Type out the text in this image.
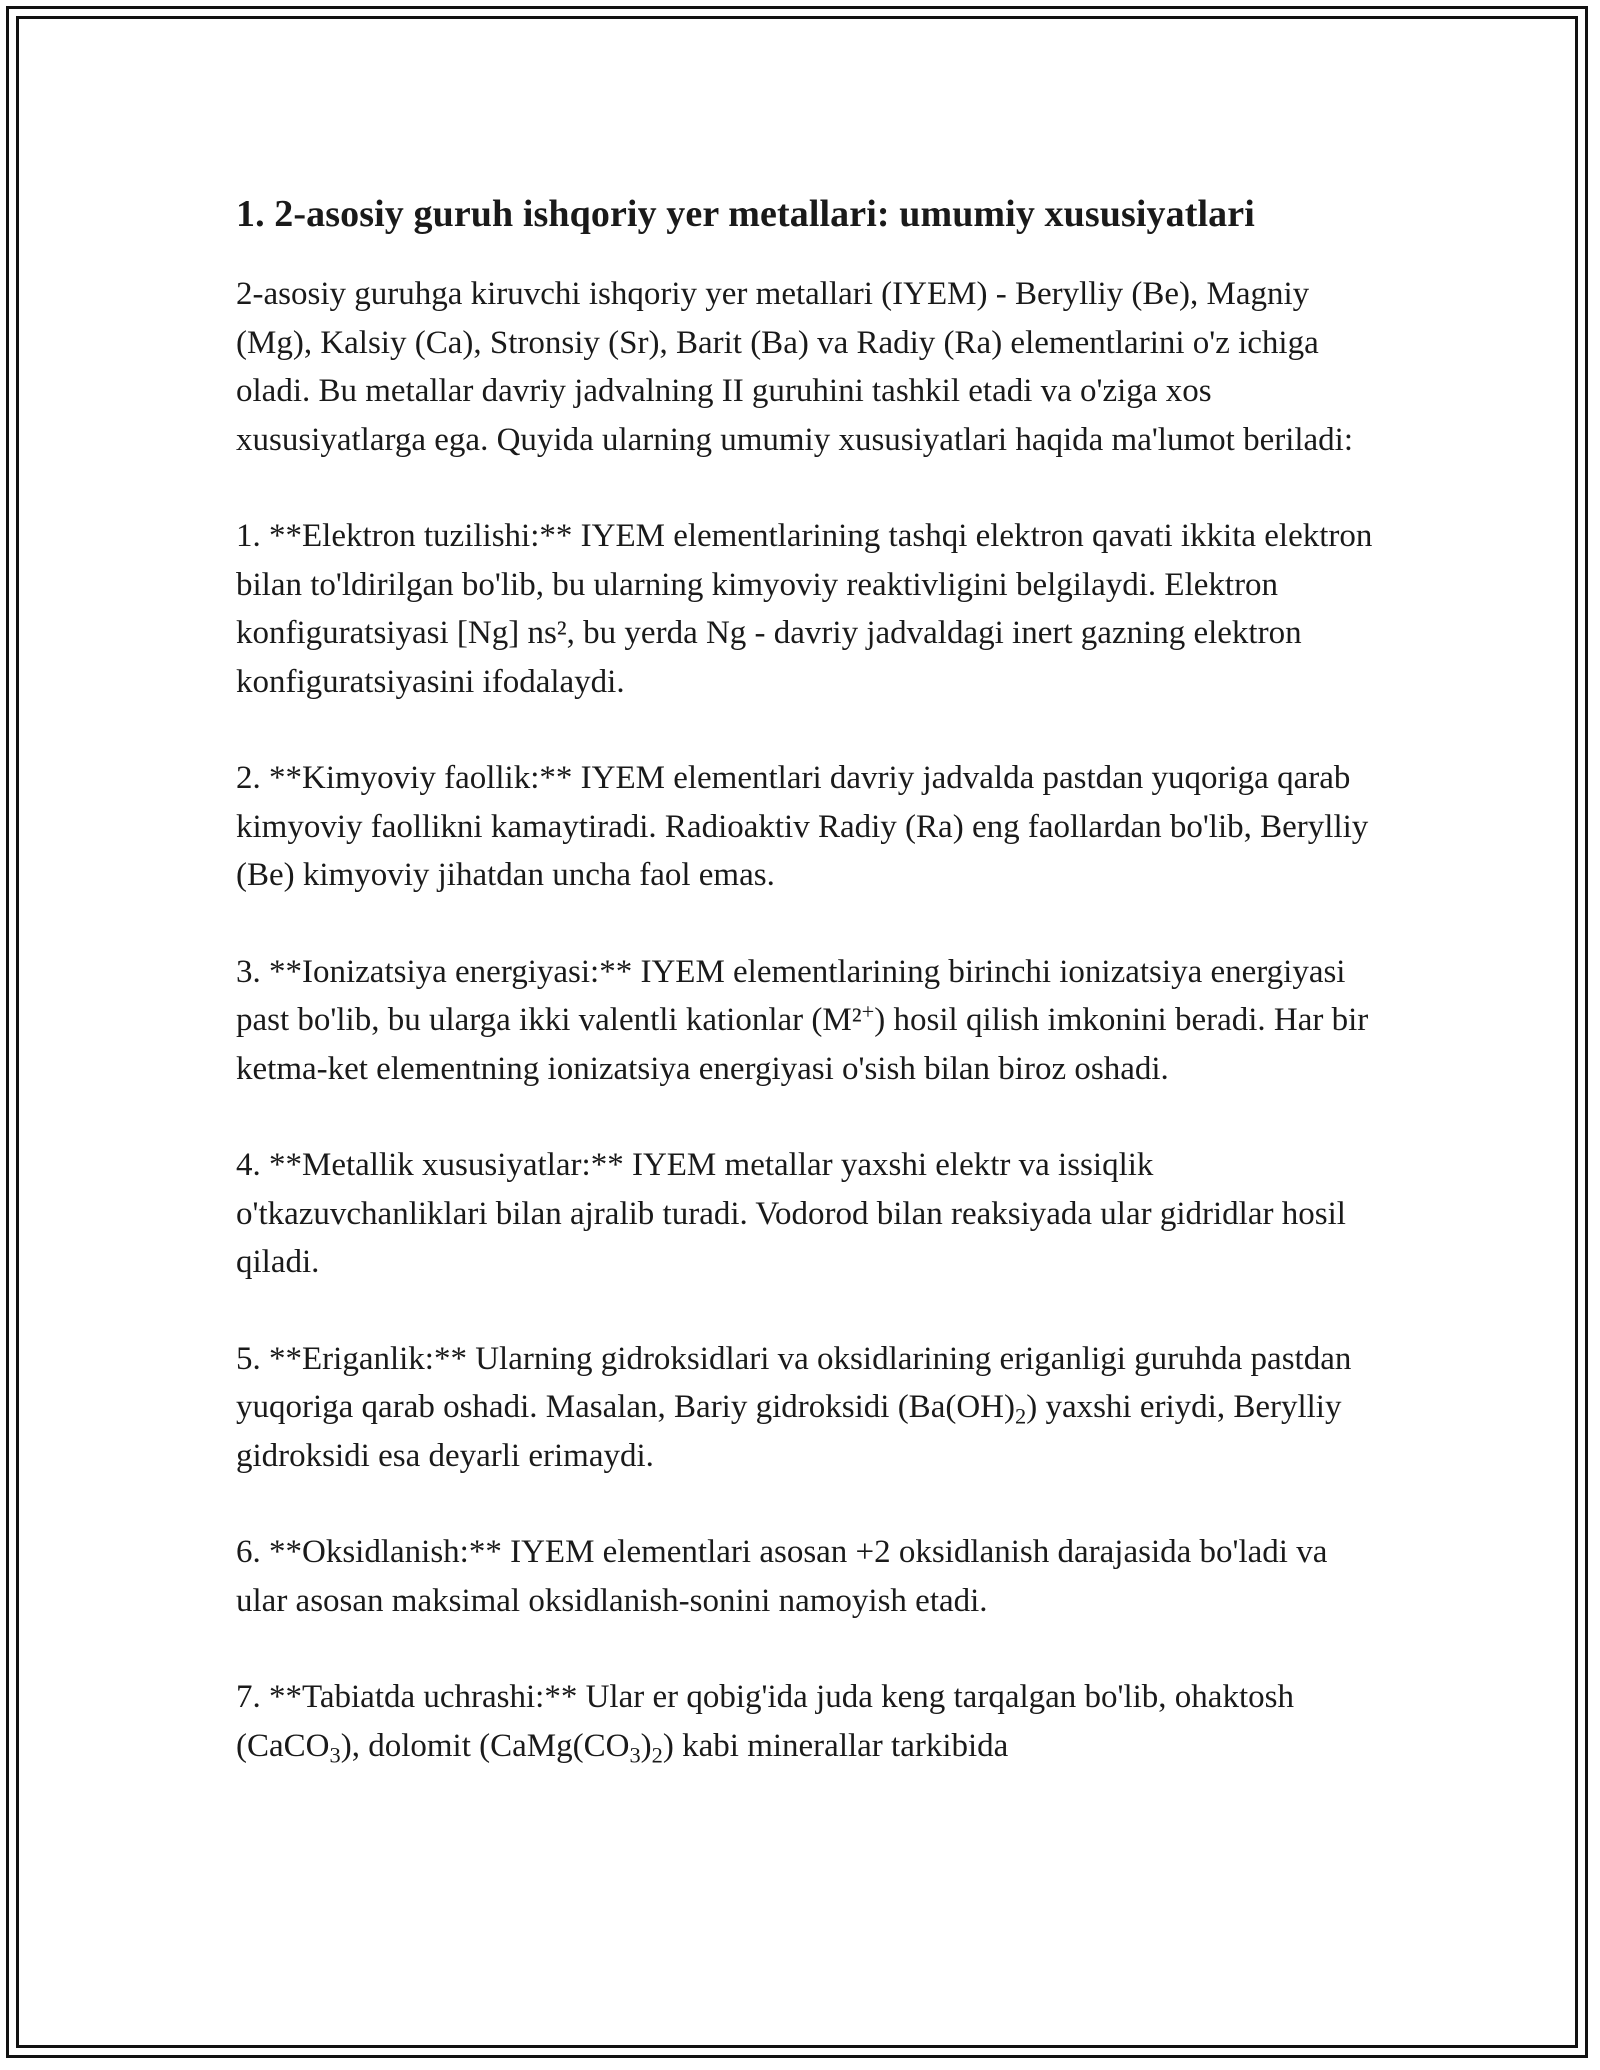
1. 2-asosiy guruh ishqoriy yer metallari: umumiy xususiyatlari

2-asosiy guruhga kiruvchi ishqoriy yer metallari (IYEM) - Berylliy (Be), Magniy (Mg), Kalsiy (Ca), Stronsiy (Sr), Barit (Ba) va Radiy (Ra) elementlarini o'z ichiga oladi. Bu metallar davriy jadvalning II guruhini tashkil etadi va o'ziga xos xususiyatlarga ega. Quyida ularning umumiy xususiyatlari haqida ma'lumot beriladi:

1. **Elektron tuzilishi:** IYEM elementlarining tashqi elektron qavati ikkita elektron bilan to'ldirilgan bo'lib, bu ularning kimyoviy reaktivligini belgilaydi. Elektron konfiguratsiyasi [Ng] ns², bu yerda Ng - davriy jadvaldagi inert gazning elektron konfiguratsiyasini ifodalaydi.

2. **Kimyoviy faollik:** IYEM elementlari davriy jadvalda pastdan yuqoriga qarab kimyoviy faollikni kamaytiradi. Radioaktiv Radiy (Ra) eng faollardan bo'lib, Berylliy (Be) kimyoviy jihatdan uncha faol emas.

3. **Ionizatsiya energiyasi:** IYEM elementlarining birinchi ionizatsiya energiyasi past bo'lib, bu ularga ikki valentli kationlar (M²+) hosil qilish imkonini beradi. Har bir ketma-ket elementning ionizatsiya energiyasi o'sish bilan biroz oshadi.

4. **Metallik xususiyatlar:** IYEM metallar yaxshi elektr va issiqlik o'tkazuvchanliklari bilan ajralib turadi. Vodorod bilan reaksiyada ular gidridlar hosil qiladi.

5. **Eriganlik:** Ularning gidroksidlari va oksidlarining eriganligi guruhda pastdan yuqoriga qarab oshadi. Masalan, Bariy gidroksidi $(Ba(OH)_2)$ yaxshi eriydi, Berylliy gidroksidi esa deyarli erimaydi.

6. **Oksidlanish:** IYEM elementlari asosan +2 oksidlanish darajasida bo'ladi va ular asosan maksimal oksidlanish-sonini namoyish etadi.

7. **Tabiatda uchrashi:** Ular er qobig'ida juda keng tarqalgan bo'lib, ohaktosh (CaCO$_3$), dolomit $(CaMg(CO_3)_2)$ kabi minerallar tarkibida
